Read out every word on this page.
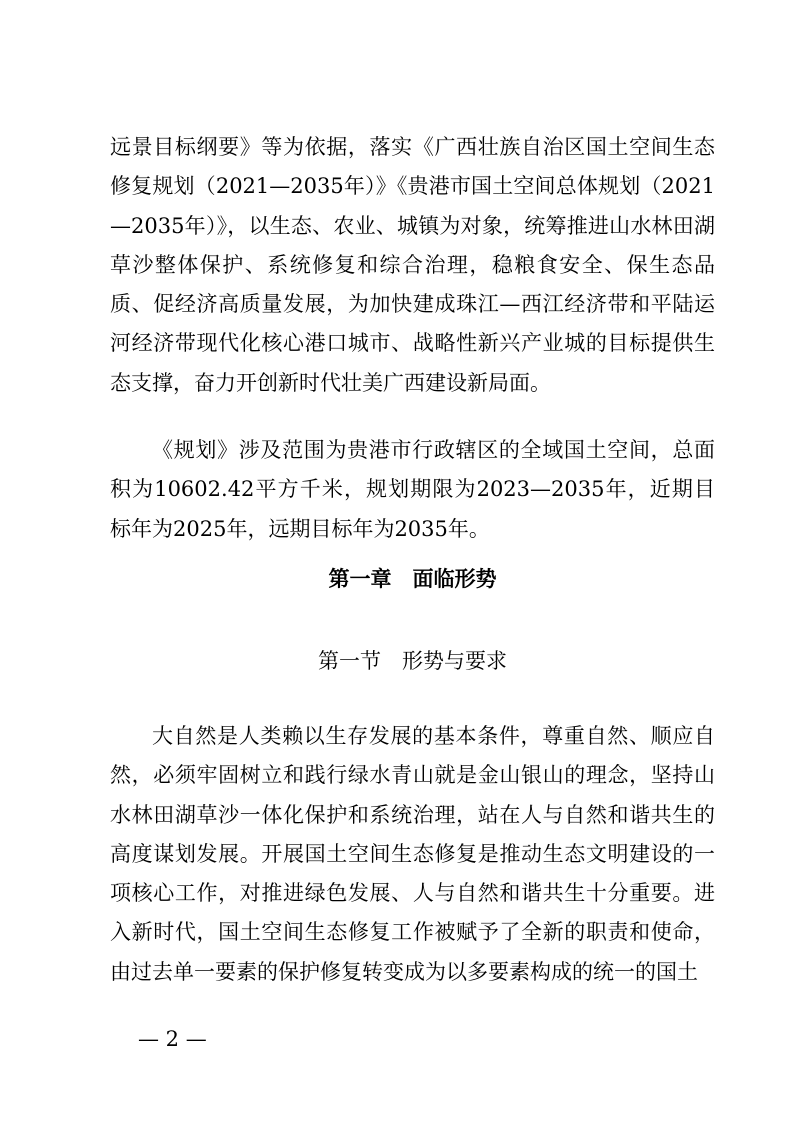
远景目标纲要》等为依据，落实《广西壮族自治区国土空间生态修复规划（2021—2035年）》《贵港市国土空间总体规划（2021—2035年）》，以生态、农业、城镇为对象，统筹推进山水林田湖草沙整体保护、系统修复和综合治理，稳粮食安全、保生态品质、促经济高质量发展，为加快建成珠江—西江经济带和平陆运河经济带现代化核心港口城市、战略性新兴产业城的目标提供生态支撑，奋力开创新时代壮美广西建设新局面。

《规划》涉及范围为贵港市行政辖区的全域国土空间，总面积为10602.42平方千米，规划期限为2023—2035年，近期目标年为2025年，远期目标年为2035年。

第一章　面临形势

第一节　形势与要求

大自然是人类赖以生存发展的基本条件，尊重自然、顺应自然，必须牢固树立和践行绿水青山就是金山银山的理念，坚持山水林田湖草沙一体化保护和系统治理，站在人与自然和谐共生的高度谋划发展。开展国土空间生态修复是推动生态文明建设的一项核心工作，对推进绿色发展、人与自然和谐共生十分重要。进入新时代，国土空间生态修复工作被赋予了全新的职责和使命，由过去单一要素的保护修复转变成为以多要素构成的统一的国土

— 2 —
